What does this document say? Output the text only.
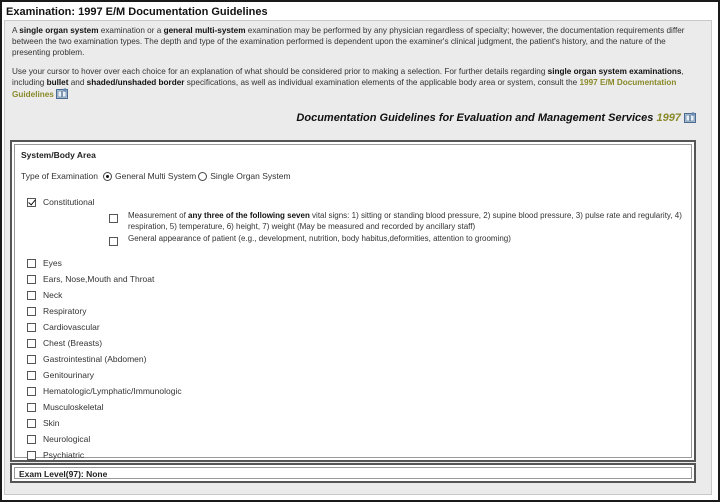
Examination: 1997 E/M Documentation Guidelines

A single organ system examination or a general multi-system examination may be performed by any physician regardless of specialty; however, the documentation requirements differ between the two examination types. The depth and type of the examination performed is dependent upon the examiner's clinical judgment, the patient's history, and the nature of the presenting problem.

Use your cursor to hover over each choice for an explanation of what should be considered prior to making a selection. For further details regarding single organ system examinations, including bullet and shaded/unshaded border specifications, as well as individual examination elements of the applicable body area or system, consult the 1997 E/M Documentation Guidelines

Documentation Guidelines for Evaluation and Management Services 1997
System/Body Area
Type of Examination General Multi System Single Organ System
Constitutional
Measurement of any three of the following seven vital signs: 1) sitting or standing blood pressure, 2) supine blood pressure, 3) pulse rate and regularity, 4) respiration, 5) temperature, 6) height, 7) weight (May be measured and recorded by ancillary staff)
General appearance of patient (e.g., development, nutrition, body habitus,deformities, attention to grooming)
Eyes
Ears, Nose,Mouth and Throat
Neck
Respiratory
Cardiovascular
Chest (Breasts)
Gastrointestinal (Abdomen)
Genitourinary
Hematologic/Lymphatic/Immunologic
Musculoskeletal
Skin
Neurological
Psychiatric
Exam Level(97): None
